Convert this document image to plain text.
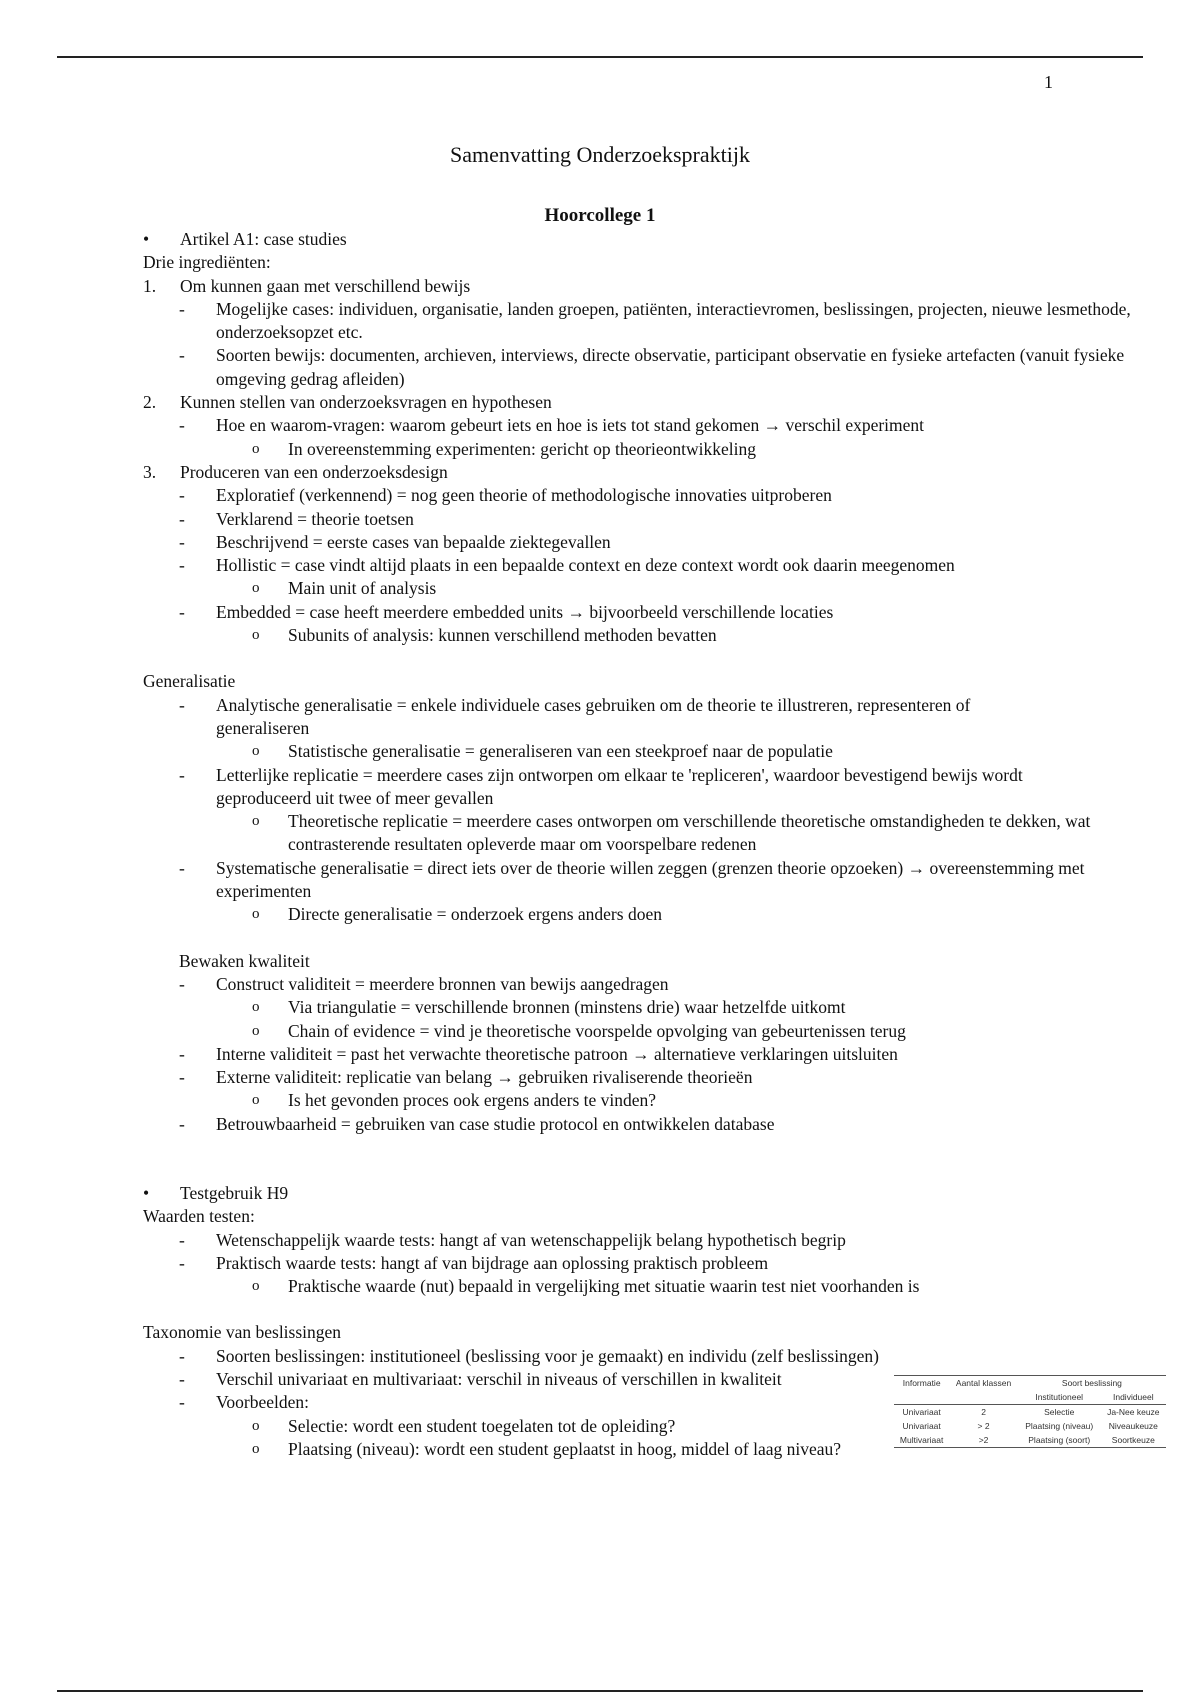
1
Samenvatting Onderzoekspraktijk
Hoorcollege 1
• Artikel A1: case studies
Drie ingrediënten:
1. Om kunnen gaan met verschillend bewijs
- Mogelijke cases: individuen, organisatie, landen groepen, patiënten, interactievromen, beslissingen, projecten, nieuwe lesmethode, onderzoeksopzet etc.
- Soorten bewijs: documenten, archieven, interviews, directe observatie, participant observatie en fysieke artefacten (vanuit fysieke omgeving gedrag afleiden)
2. Kunnen stellen van onderzoeksvragen en hypothesen
- Hoe en waarom-vragen: waarom gebeurt iets en hoe is iets tot stand gekomen → verschil experiment
o In overeenstemming experimenten: gericht op theorieontwikkeling
3. Produceren van een onderzoeksdesign
- Exploratief (verkennend) = nog geen theorie of methodologische innovaties uitproberen
- Verklarend = theorie toetsen
- Beschrijvend = eerste cases van bepaalde ziektegevallen
- Hollistic = case vindt altijd plaats in een bepaalde context en deze context wordt ook daarin meegenomen
o Main unit of analysis
- Embedded = case heeft meerdere embedded units → bijvoorbeeld verschillende locaties
o Subunits of analysis: kunnen verschillend methoden bevatten
Generalisatie
- Analytische generalisatie = enkele individuele cases gebruiken om de theorie te illustreren, representeren of generaliseren
o Statistische generalisatie = generaliseren van een steekproef naar de populatie
- Letterlijke replicatie = meerdere cases zijn ontworpen om elkaar te 'repliceren', waardoor bevestigend bewijs wordt geproduceerd uit twee of meer gevallen
o Theoretische replicatie = meerdere cases ontworpen om verschillende theoretische omstandigheden te dekken, wat contrasterende resultaten opleverde maar om voorspelbare redenen
- Systematische generalisatie = direct iets over de theorie willen zeggen (grenzen theorie opzoeken) → overeenstemming met experimenten
o Directe generalisatie = onderzoek ergens anders doen
Bewaken kwaliteit
- Construct validiteit = meerdere bronnen van bewijs aangedragen
o Via triangulatie = verschillende bronnen (minstens drie) waar hetzelfde uitkomt
o Chain of evidence = vind je theoretische voorspelde opvolging van gebeurtenissen terug
- Interne validiteit = past het verwachte theoretische patroon → alternatieve verklaringen uitsluiten
- Externe validiteit: replicatie van belang → gebruiken rivaliserende theorieën
o Is het gevonden proces ook ergens anders te vinden?
- Betrouwbaarheid = gebruiken van case studie protocol en ontwikkelen database
• Testgebruik H9
Waarden testen:
- Wetenschappelijk waarde tests: hangt af van wetenschappelijk belang hypothetisch begrip
- Praktisch waarde tests: hangt af van bijdrage aan oplossing praktisch probleem
o Praktische waarde (nut) bepaald in vergelijking met situatie waarin test niet voorhanden is
Taxonomie van beslissingen
- Soorten beslissingen: institutioneel (beslissing voor je gemaakt) en individu (zelf beslissingen)
- Verschil univariaat en multivariaat: verschil in niveaus of verschillen in kwaliteit
- Voorbeelden:
o Selectie: wordt een student toegelaten tot de opleiding?
o Plaatsing (niveau): wordt een student geplaatst in hoog, middel of laag niveau?
Informatie	Aantal klassen	Soort beslissing	
		Institutioneel	Individueel
Univariaat	2	Selectie	Ja-Nee keuze
Univariaat	> 2	Plaatsing (niveau)	Niveaukeuze
Multivariaat	>2	Plaatsing (soort)	Soortkeuze
